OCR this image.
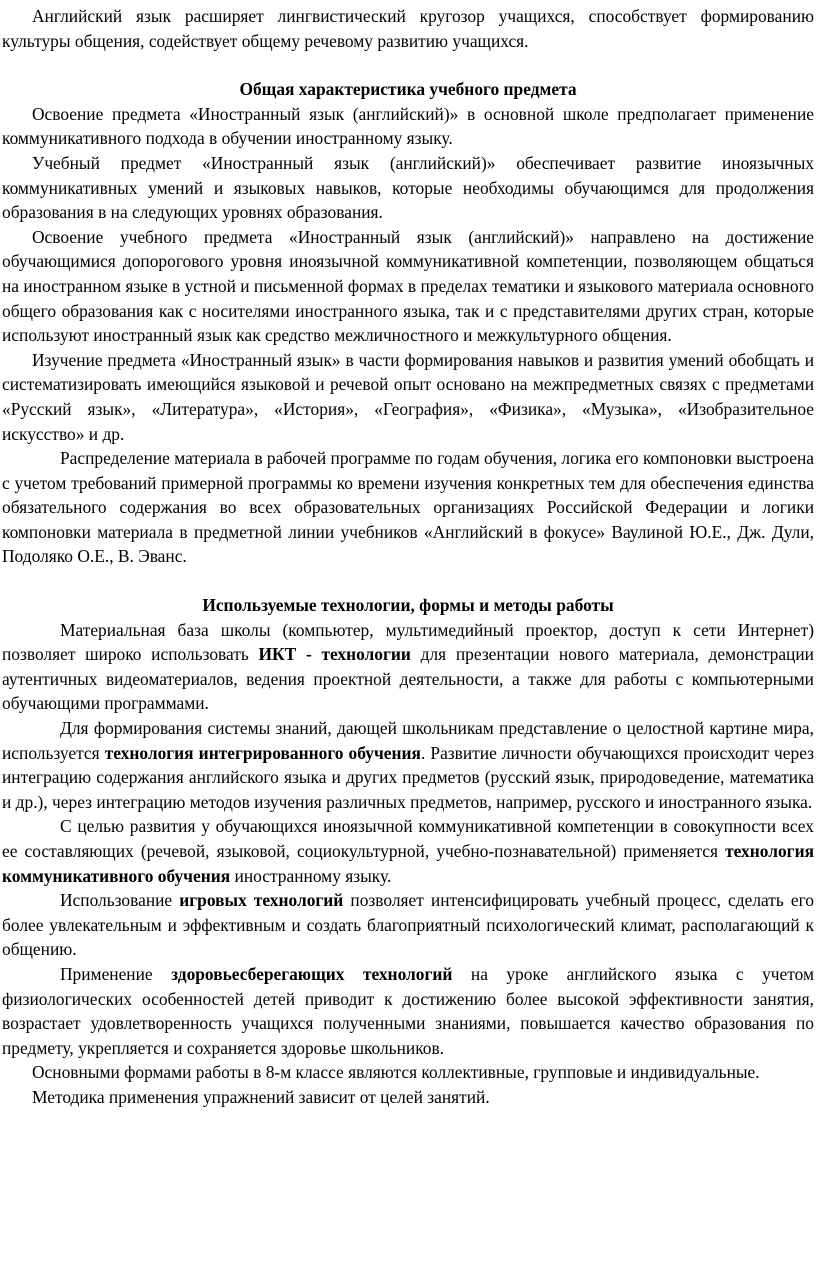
Английский язык расширяет лингвистический кругозор учащихся, способствует формированию культуры общения, содействует общему речевому развитию учащихся.

Общая характеристика учебного предмета

Освоение предмета «Иностранный язык (английский)» в основной школе предполагает применение коммуникативного подхода в обучении иностранному языку.

Учебный предмет «Иностранный язык (английский)» обеспечивает развитие иноязычных коммуникативных умений и языковых навыков, которые необходимы обучающимся для продолжения образования в на следующих уровнях образования.

Освоение учебного предмета «Иностранный язык (английский)» направлено на достижение обучающимися допорогового уровня иноязычной коммуникативной компетенции, позволяющем общаться на иностранном языке в устной и письменной формах в пределах тематики и языкового материала основного общего образования как с носителями иностранного языка, так и с представителями других стран, которые используют иностранный язык как средство межличностного и межкультурного общения.

Изучение предмета «Иностранный язык» в части формирования навыков и развития умений обобщать и систематизировать имеющийся языковой и речевой опыт основано на межпредметных связях с предметами «Русский язык», «Литература», «История», «География», «Физика», «Музыка», «Изобразительное искусство» и др.

Распределение материала в рабочей программе по годам обучения, логика его компоновки выстроена с учетом требований примерной программы ко времени изучения конкретных тем для обеспечения единства обязательного содержания во всех образовательных организациях Российской Федерации и логики компоновки материала в предметной линии учебников «Английский в фокусе» Ваулиной Ю.Е., Дж. Дули, Подоляко О.Е., В. Эванс.

Используемые технологии, формы и методы работы

Материальная база школы (компьютер, мультимедийный проектор, доступ к сети Интернет) позволяет широко использовать ИКТ - технологии для презентации нового материала, демонстрации аутентичных видеоматериалов, ведения проектной деятельности, а также для работы с компьютерными обучающими программами.

Для формирования системы знаний, дающей школьникам представление о целостной картине мира, используется технология интегрированного обучения. Развитие личности обучающихся происходит через интеграцию содержания английского языка и других предметов (русский язык, природоведение, математика и др.), через интеграцию методов изучения различных предметов, например, русского и иностранного языка.

С целью развития у обучающихся иноязычной коммуникативной компетенции в совокупности всех ее составляющих (речевой, языковой, социокультурной, учебно-познавательной) применяется технология коммуникативного обучения иностранному языку.

Использование игровых технологий позволяет интенсифицировать учебный процесс, сделать его более увлекательным и эффективным и создать благоприятный психологический климат, располагающий к общению.

Применение здоровьесберегающих технологий на уроке английского языка с учетом физиологических особенностей детей приводит к достижению более высокой эффективности занятия, возрастает удовлетворенность учащихся полученными знаниями, повышается качество образования по предмету, укрепляется и сохраняется здоровье школьников.

Основными формами работы в 8-м классе являются коллективные, групповые и индивидуальные.

Методика применения упражнений зависит от целей занятий.
